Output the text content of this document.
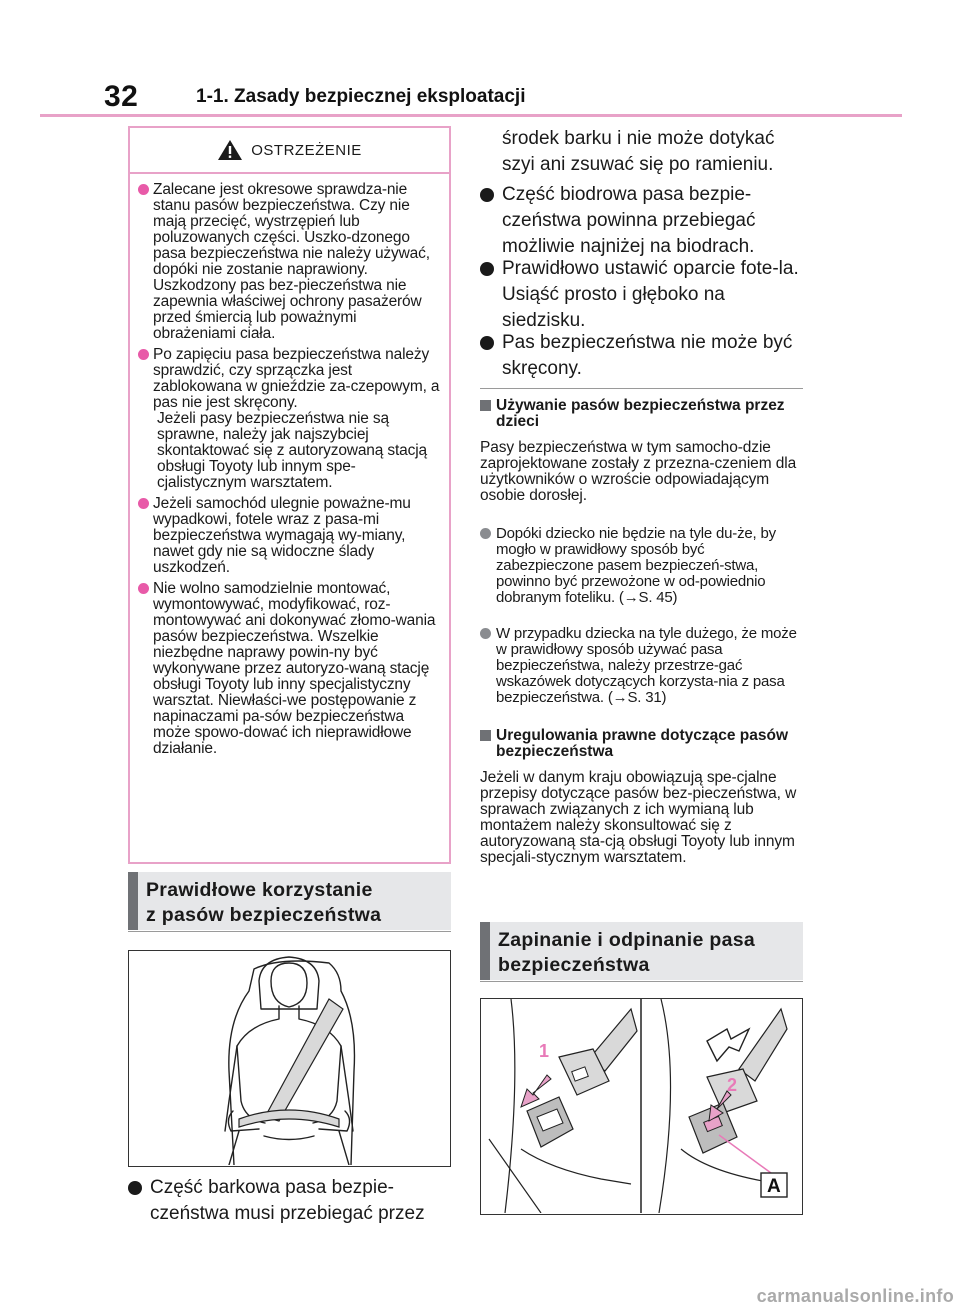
32	1-1. Zasady bezpiecznej eksploatacji
OSTRZEŻENIE
Zalecane jest okresowe sprawdza-nie stanu pasów bezpieczeństwa. Czy nie mają przecięć, wystrzępień lub poluzowanych części. Uszko-dzonego pasa bezpieczeństwa nie należy używać, dopóki nie zostanie naprawiony. Uszkodzony pas bez-pieczeństwa nie zapewnia właściwej ochrony pasażerów przed śmiercią lub poważnymi obrażeniami ciała.
Po zapięciu pasa bezpieczeństwa należy sprawdzić, czy sprzączka jest zablokowana w gnieździe za-czepowym, a pas nie jest skręcony.
Jeżeli pasy bezpieczeństwa nie są sprawne, należy jak najszybciej skontaktować się z autoryzowaną stacją obsługi Toyoty lub innym spe-cjalistycznym warsztatem.
Jeżeli samochód ulegnie poważne-mu wypadkowi, fotele wraz z pasa-mi bezpieczeństwa wymagają wy-miany, nawet gdy nie są widoczne ślady uszkodzeń.
Nie wolno samodzielnie montować, wymontowywać, modyfikować, roz-montowywać ani dokonywać złomo-wania pasów bezpieczeństwa. Wszelkie niezbędne naprawy powin-ny być wykonywane przez autoryzo-waną stację obsługi Toyoty lub inny specjalistyczny warsztat. Niewłaści-we postępowanie z napinaczami pa-sów bezpieczeństwa może spowo-dować ich nieprawidłowe działanie.
Prawidłowe korzystanie
z pasów bezpieczeństwa
Część barkowa pasa bezpie-czeństwa musi przebiegać przez
środek barku i nie może dotykać szyi ani zsuwać się po ramieniu.
Część biodrowa pasa bezpie-czeństwa powinna przebiegać możliwie najniżej na biodrach.
Prawidłowo ustawić oparcie fote-la. Usiąść prosto i głęboko na siedzisku.
Pas bezpieczeństwa nie może być skręcony.
Używanie pasów bezpieczeństwa przez dzieci
Pasy bezpieczeństwa w tym samocho-dzie zaprojektowane zostały z przezna-czeniem dla użytkowników o wzroście odpowiadającym osobie dorosłej.
Dopóki dziecko nie będzie na tyle du-że, by mogło w prawidłowy sposób być zabezpieczone pasem bezpieczeń-stwa, powinno być przewożone w od-powiednio dobranym foteliku. (→S. 45)
W przypadku dziecka na tyle dużego, że może w prawidłowy sposób używać pasa bezpieczeństwa, należy przestrze-gać wskazówek dotyczących korzysta-nia z pasa bezpieczeństwa. (→S. 31)
Uregulowania prawne dotyczące pasów bezpieczeństwa
Jeżeli w danym kraju obowiązują spe-cjalne przepisy dotyczące pasów bez-pieczeństwa, w sprawach związanych z ich wymianą lub montażem należy skonsultować się z autoryzowaną sta-cją obsługi Toyoty lub innym specjali-stycznym warsztatem.
Zapinanie i odpinanie pasa
bezpieczeństwa
1
2
A
carmanualsonline.info
